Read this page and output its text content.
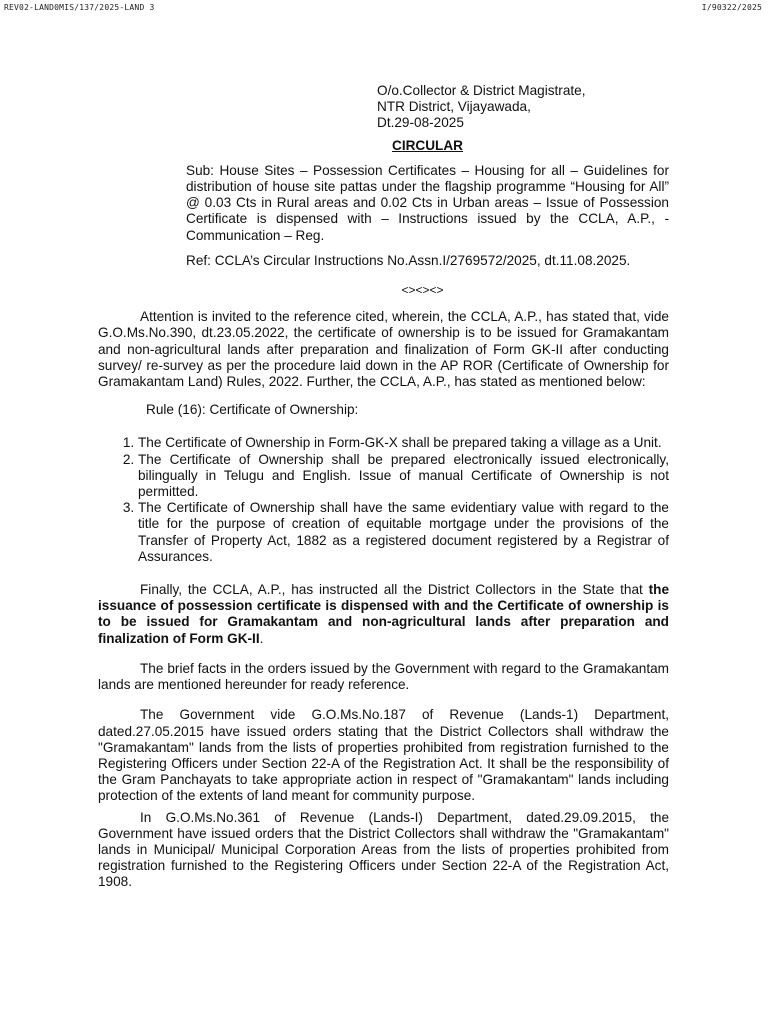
REV02-LAND0MIS/137/2025-LAND 3	I/90322/2025
O/o.Collector & District Magistrate,
NTR District, Vijayawada,
Dt.29-08-2025
CIRCULAR
Sub: House Sites – Possession Certificates – Housing for all – Guidelines for distribution of house site pattas under the flagship programme “Housing for All” @ 0.03 Cts in Rural areas and 0.02 Cts in Urban areas – Issue of Possession Certificate is dispensed with – Instructions issued by the CCLA, A.P., - Communication – Reg.
Ref: CCLA’s Circular Instructions No.Assn.I/2769572/2025, dt.11.08.2025.
<><><>
Attention is invited to the reference cited, wherein, the CCLA, A.P., has stated that, vide G.O.Ms.No.390, dt.23.05.2022, the certificate of ownership is to be issued for Gramakantam and non-agricultural lands after preparation and finalization of Form GK-II after conducting survey/ re-survey as per the procedure laid down in the AP ROR (Certificate of Ownership for Gramakantam Land) Rules, 2022. Further, the CCLA, A.P., has stated as mentioned below:
Rule (16): Certificate of Ownership:
1. The Certificate of Ownership in Form-GK-X shall be prepared taking a village as a Unit.
2. The Certificate of Ownership shall be prepared electronically issued electronically, bilingually in Telugu and English. Issue of manual Certificate of Ownership is not permitted.
3. The Certificate of Ownership shall have the same evidentiary value with regard to the title for the purpose of creation of equitable mortgage under the provisions of the Transfer of Property Act, 1882 as a registered document registered by a Registrar of Assurances.
Finally, the CCLA, A.P., has instructed all the District Collectors in the State that the issuance of possession certificate is dispensed with and the Certificate of ownership is to be issued for Gramakantam and non-agricultural lands after preparation and finalization of Form GK-II.
The brief facts in the orders issued by the Government with regard to the Gramakantam lands are mentioned hereunder for ready reference.
The Government vide G.O.Ms.No.187 of Revenue (Lands-1) Department, dated.27.05.2015 have issued orders stating that the District Collectors shall withdraw the "Gramakantam" lands from the lists of properties prohibited from registration furnished to the Registering Officers under Section 22-A of the Registration Act. It shall be the responsibility of the Gram Panchayats to take appropriate action in respect of "Gramakantam" lands including protection of the extents of land meant for community purpose.
In G.O.Ms.No.361 of Revenue (Lands-I) Department, dated.29.09.2015, the Government have issued orders that the District Collectors shall withdraw the "Gramakantam" lands in Municipal/ Municipal Corporation Areas from the lists of properties prohibited from registration furnished to the Registering Officers under Section 22-A of the Registration Act, 1908.
